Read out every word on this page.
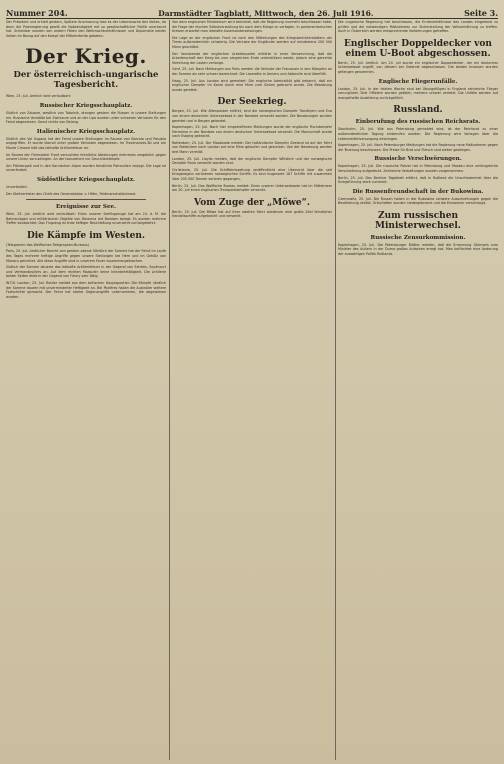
Nummer 204.	Darmstädter Tagblatt, Mittwoch, den 26. Juli 1916.	Seite 3.

Der Präsident und erhielt gestern, Spätere Anschauung lose es der Lebenssache des Volkes, da denn die Polenregierung gewiß die Notwendigkeit mit so gesellschaftlicher Politik anerkannt hat. Scheinbar wurden von andern Fällen den Weltmachtverhältnissen und Diplomatie beider Seiten im Bezug auf den Kampf der Mittelmächte gebeten.

Der Krieg.
Der österreichisch-ungarische Tagesbericht.

Wien, 25. Juli. Amtlich wird verlautbart:

Russischer Kriegsschauplatz.

Südlich von Zalosze, westlich von Tobolnik, drangen gestern die Russen in unsere Stellungen ein. Russische Vorstöße bei Zwiniacze und an der Lipa wurden unter schweren Verlusten für den Feind abgewiesen. Sonst nichts von Belang.

Italienischer Kriegsschauplatz.

Südlich des Val Sugana hat der Feind unsere Stellungen im Raume von Borcola und Pasubio angegriffen. Er wurde überall unter großen Verlusten abgewiesen. Im Travenanzes-Tal und am Monte Cimone hält das lebhafte Artilleriefeuer an.

Im Raume der Fleimstaler Front versuchten feindliche Abteilungen mehrmals vergeblich gegen unsere Linien vorzudringen. An der Isonzofront nur Geschützkämpfe.

Am Plöckenpaß und in den Karnischen Alpen wurden feindliche Patrouillen verjagt. Die Lage ist unverändert.

Südöstlicher Kriegsschauplatz.

Unverändert.

Der Stellvertreter des Chefs des Generalstabs: v. Höfer, Feldmarschalleutnant.

Ereignisse zur See.

Wien, 25. Juli. Amtlich wird verlautbart: Eines unserer Seeflugzeuge hat am 24. d. M. die Bahnanlagen und militärischen Objekte von Ravenna mit Bomben belegt. Es wurden mehrere Treffer beobachtet. Das Flugzeug ist trotz heftiger Beschießung unversehrt zurückgekehrt.

Die Kämpfe im Westen.

(Telegramm des Wolffschen Telegraphen-Bureaus)

Paris, 25. Juli. Amtlicher Bericht von gestern abend: Nördlich der Somme hat der Feind im Laufe des Tages mehrere heftige Angriffe gegen unsere Stellungen bei Hem und im Gehölz von Monacu gerichtet. Alle diese Angriffe sind in unserem Feuer zusammengebrochen.

Südlich der Somme dauerte das lebhafte Artilleriefeuer in der Gegend von Estrées, Soyécourt und Vermandovillers an. Auf dem rechten Maasufer keine Infanterietätigkeit. Die Artillerie beider Seiten blieb in der Gegend von Fleury sehr tätig.

W.T.B. London, 25. Juli. Reuter meldet aus dem britischen Hauptquartier: Die Kämpfe nördlich der Somme dauern mit unverminderter Heftigkeit an. Bei Pozières haben die Australier weitere Fortschritte gemacht. Der Feind hat starke Gegenangriffe unternommen, die abgewiesen wurden.

Von dem englischen Ministerium wird berichtet, daß die Regierung nunmehr beschlossen habe, die Frage der irischen Selbstverwaltung bis nach dem Kriege zu vertagen. In parlamentarischen Kreisen erwartet man lebhafte Auseinandersetzungen.

Die Lage an der englischen Front ist nach den Mitteilungen des Kriegsberichterstatters der Times außerordentlich schwierig. Die Verluste der Engländer werden auf mindestens 200 000 Mann geschätzt.

Der Vorsitzende der englischen Arbeiterpartei erklärte in einer Versammlung, daß die Arbeiterschaft den Krieg bis zum siegreichen Ende unterstützen werde, jedoch eine gerechte Verteilung der Lasten verlange.

Genf, 25. Juli. Nach Meldungen aus Paris werden die Verluste der Franzosen in den Kämpfen an der Somme als sehr schwer bezeichnet. Die Lazarette in Amiens und Abbeville sind überfüllt.

Haag, 25. Juli. Aus London wird gemeldet: Die englische Admiralität gibt bekannt, daß ein englischer Dampfer im Kanal durch eine Mine zum Sinken gebracht wurde. Die Besatzung wurde gerettet.

Der Seekrieg.

Bergen, 25. Juli. Wie Aftenposten erfährt, sind die norwegischen Dampfer Trondhjem und Eva von einem deutschen Unterseeboot in der Nordsee versenkt worden. Die Besatzungen wurden gerettet und in Bergen gelandet.

Kopenhagen, 25. Juli. Nach hier eingetroffenen Meldungen wurde der englische Fischdampfer Hermione in der Nordsee von einem deutschen Unterseeboot versenkt. Die Mannschaft wurde nach Esbjerg gebracht.

Rotterdam, 25. Juli. Der Maasbode meldet: Der holländische Dampfer Zeeland ist auf der Fahrt von Rotterdam nach London auf eine Mine gelaufen und gesunken. Von der Besatzung werden drei Mann vermißt.

London, 25. Juli. Lloyds melden, daß der englische Dampfer Wiltshire und der norwegische Dampfer Rana versenkt worden sind.

Christiania, 25. Juli. Die Schiffahrtszeitung veröffentlicht eine Übersicht über die seit Kriegsbeginn verlorenen norwegischen Schiffe. Es sind insgesamt 187 Schiffe mit zusammen über 200 000 Tonnen verloren gegangen.

Berlin, 25. Juli. Das Wolffsche Bureau meldet: Eines unserer Unterseeboote hat im Mittelmeer am 20. Juli einen englischen Transportdampfer versenkt.

Vom Zuge der „Möwe“.

Berlin, 25. Juli. Die Möwe hat auf ihrer zweiten Fahrt wiederum eine große Zahl feindlicher Handelsschiffe aufgebracht und versenkt.

Die ungarische Regierung hat beschlossen, die Ernteverhältnisse des Landes eingehend zu prüfen und die notwendigen Maßnahmen zur Sicherstellung der Volksernährung zu treffen. Auch in Österreich werden entsprechende Vorkehrungen getroffen.

Englischer Doppeldecker von einem U-Boot abgeschossen.

Berlin, 25. Juli. Amtlich. Am 24. Juli wurde ein englischer Doppeldecker, der ein deutsches Unterseeboot angriff, von diesem bei Ostende abgeschossen. Die beiden Insassen wurden gefangen genommen.

Englische Fliegerunfälle.

London, 25. Juli. In der letzten Woche sind bei Übungsflügen in England zahlreiche Flieger verunglückt. Drei Offiziere wurden getötet, mehrere schwer verletzt. Die Unfälle werden auf mangelhafte Ausbildung zurückgeführt.

Russland.
Einberufung des russischen Reichsrats.

Stockholm, 25. Juli. Wie aus Petersburg gemeldet wird, ist der Reichsrat zu einer außerordentlichen Tagung einberufen worden. Die Regierung wird Vorlagen über die Lebensmittelversorgung einbringen.

Kopenhagen, 25. Juli. Nach Petersburger Meldungen hat die Regierung neue Maßnahmen gegen die Teuerung beschlossen. Die Preise für Brot und Fleisch sind weiter gestiegen.

Russische Verschwörungen.

Kopenhagen, 25. Juli. Die russische Polizei hat in Petersburg und Moskau eine umfangreiche Verschwörung aufgedeckt. Zahlreiche Verhaftungen wurden vorgenommen.

Berlin, 25. Juli. Das Berliner Tageblatt erfährt, daß in Rußland die Unzufriedenheit über die Kriegsführung stark zunimmt.

Die Russenfreundschaft in der Bukowina.

Czernowitz, 25. Juli. Die Russen haben in der Bukowina schwere Ausschreitungen gegen die Bevölkerung verübt. Ortschaften wurden niedergebrannt und die Einwohner verschleppt.

Zum russischen Ministerwechsel.
Russische Zensurkommission.

Kopenhagen, 25. Juli. Die Petersburger Blätter melden, daß die Ernennung Stürmers zum Minister des Äußern in der Duma großes Aufsehen erregt hat. Man befürchtet eine Änderung der auswärtigen Politik Rußlands.
